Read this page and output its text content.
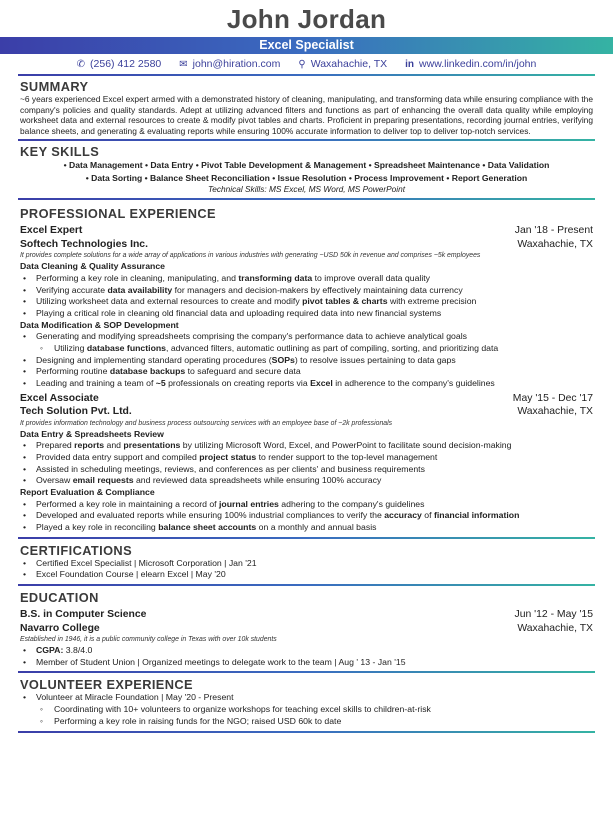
John Jordan
Excel Specialist
✆ (256) 412 2580 ✉ john@hiration.com ⚲ Waxahachie, TX in www.linkedin.com/in/john
SUMMARY
~6 years experienced Excel expert armed with a demonstrated history of cleaning, manipulating, and transforming data while ensuring compliance with the company's policies and quality standards. Adept at utilizing advanced filters and functions as part of enhancing the overall data quality while employing worksheet data and external resources to create & modify pivot tables and charts. Proficient in preparing presentations, recording journal entries, verifying balance sheets, and generating & evaluating reports while ensuring 100% accurate information to deliver top to deliver top-notch services.
KEY SKILLS
• Data Management • Data Entry • Pivot Table Development & Management • Spreadsheet Maintenance • Data Validation
• Data Sorting • Balance Sheet Reconciliation • Issue Resolution • Process Improvement • Report Generation
Technical Skills: MS Excel, MS Word, MS PowerPoint
PROFESSIONAL EXPERIENCE
Excel Expert	Jan '18 - Present
Softech Technologies Inc.	Waxahachie, TX
It provides complete solutions for a wide array of applications in various industries with generating ~USD 50k in revenue and comprises ~5k employees
Data Cleaning & Quality Assurance
• Performing a key role in cleaning, manipulating, and transforming data to improve overall data quality
• Verifying accurate data availability for managers and decision-makers by effectively maintaining data currency
• Utilizing worksheet data and external resources to create and modify pivot tables & charts with extreme precision
• Playing a critical role in cleaning old financial data and uploading required data into new financial systems
Data Modification & SOP Development
• Generating and modifying spreadsheets comprising the company's performance data to achieve analytical goals
◦ Utilizing database functions, advanced filters, automatic outlining as part of compiling, sorting, and prioritizing data
• Designing and implementing standard operating procedures (SOPs) to resolve issues pertaining to data gaps
• Performing routine database backups to safeguard and secure data
• Leading and training a team of ~5 professionals on creating reports via Excel in adherence to the company's guidelines
Excel Associate	May '15 - Dec '17
Tech Solution Pvt. Ltd.	Waxahachie, TX
It provides information technology and business process outsourcing services with an employee base of ~2k professionals
Data Entry & Spreadsheets Review
• Prepared reports and presentations by utilizing Microsoft Word, Excel, and PowerPoint to facilitate sound decision-making
• Provided data entry support and compiled project status to render support to the top-level management
• Assisted in scheduling meetings, reviews, and conferences as per clients' and business requirements
• Oversaw email requests and reviewed data spreadsheets while ensuring 100% accuracy
Report Evaluation & Compliance
• Performed a key role in maintaining a record of journal entries adhering to the company's guidelines
• Developed and evaluated reports while ensuring 100% industrial compliances to verify the accuracy of financial information
• Played a key role in reconciling balance sheet accounts on a monthly and annual basis
CERTIFICATIONS
• Certified Excel Specialist | Microsoft Corporation | Jan '21
• Excel Foundation Course | elearn Excel | May '20
EDUCATION
B.S. in Computer Science	Jun '12 - May '15
Navarro College	Waxahachie, TX
Established in 1946, it is a public community college in Texas with over 10k students
• CGPA: 3.8/4.0
• Member of Student Union | Organized meetings to delegate work to the team | Aug ' 13 - Jan '15
VOLUNTEER EXPERIENCE
• Volunteer at Miracle Foundation | May '20 - Present
◦ Coordinating with 10+ volunteers to organize workshops for teaching excel skills to children-at-risk
◦ Performing a key role in raising funds for the NGO; raised USD 60k to date
